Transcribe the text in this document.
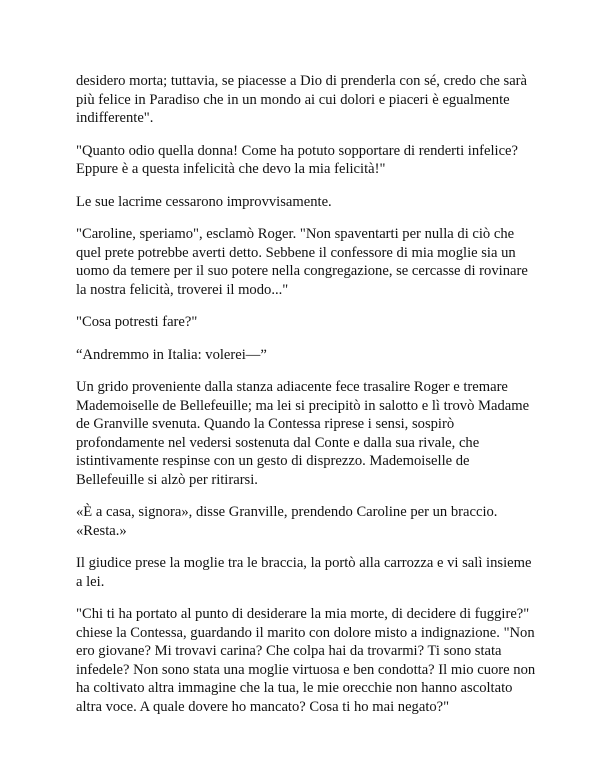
desidero morta; tuttavia, se piacesse a Dio di prenderla con sé, credo che sarà più felice in Paradiso che in un mondo ai cui dolori e piaceri è egualmente indifferente".

"Quanto odio quella donna! Come ha potuto sopportare di renderti infelice? Eppure è a questa infelicità che devo la mia felicità!"

Le sue lacrime cessarono improvvisamente.

"Caroline, speriamo", esclamò Roger. "Non spaventarti per nulla di ciò che quel prete potrebbe averti detto. Sebbene il confessore di mia moglie sia un uomo da temere per il suo potere nella congregazione, se cercasse di rovinare la nostra felicità, troverei il modo..."

"Cosa potresti fare?"

“Andremmo in Italia: volerei—”

Un grido proveniente dalla stanza adiacente fece trasalire Roger e tremare Mademoiselle de Bellefeuille; ma lei si precipitò in salotto e lì trovò Madame de Granville svenuta. Quando la Contessa riprese i sensi, sospirò profondamente nel vedersi sostenuta dal Conte e dalla sua rivale, che istintivamente respinse con un gesto di disprezzo. Mademoiselle de Bellefeuille si alzò per ritirarsi.

«È a casa, signora», disse Granville, prendendo Caroline per un braccio.

«Resta.»

Il giudice prese la moglie tra le braccia, la portò alla carrozza e vi salì insieme a lei.

"Chi ti ha portato al punto di desiderare la mia morte, di decidere di fuggire?" chiese la Contessa, guardando il marito con dolore misto a indignazione. "Non ero giovane? Mi trovavi carina? Che colpa hai da trovarmi? Ti sono stata infedele? Non sono stata una moglie virtuosa e ben condotta? Il mio cuore non ha coltivato altra immagine che la tua, le mie orecchie non hanno ascoltato altra voce. A quale dovere ho mancato? Cosa ti ho mai negato?"
